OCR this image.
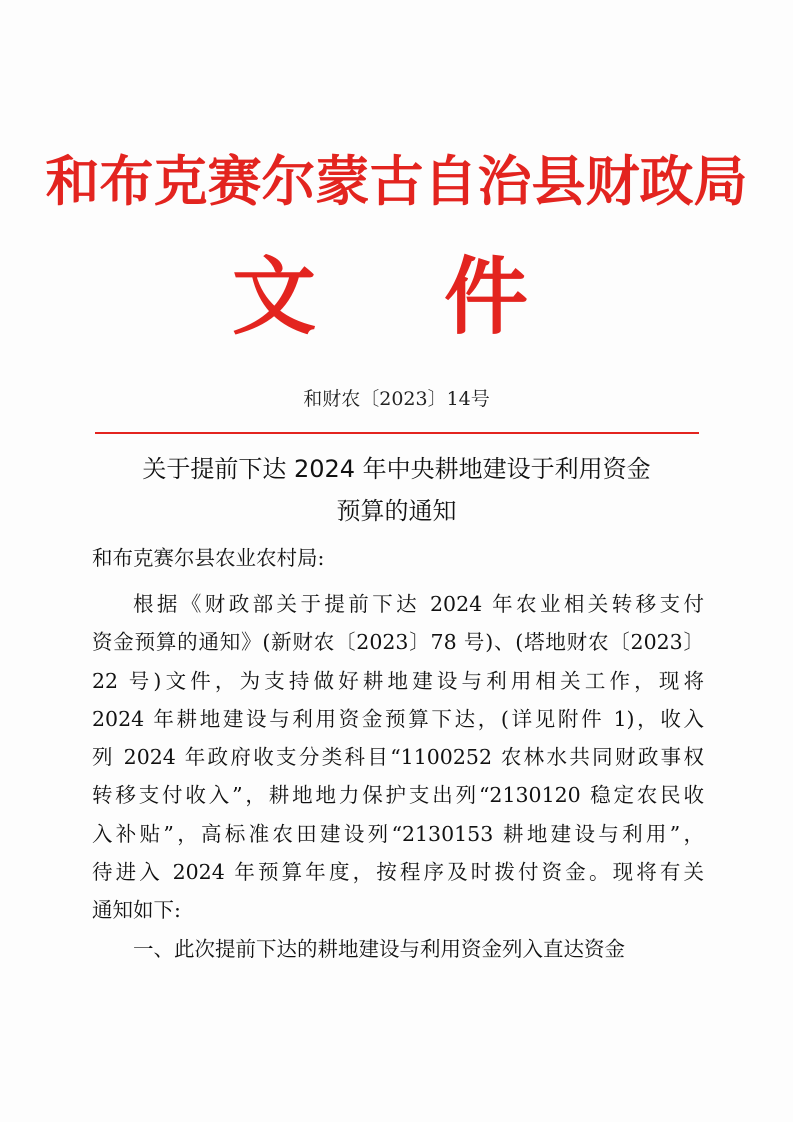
和布克赛尔蒙古自治县财政局
文 件
和财农〔2023〕14号
关于提前下达 2024 年中央耕地建设于利用资金
预算的通知
和布克赛尔县农业农村局:
根据《财政部关于提前下达 2024 年农业相关转移支付
资金预算的通知》(新财农〔2023〕78 号)、(塔地财农〔2023〕
22 号)文件，为支持做好耕地建设与利用相关工作，现将
2024 年耕地建设与利用资金预算下达，(详见附件 1)，收入
列 2024 年政府收支分类科目“1100252 农林水共同财政事权
转移支付收入”，耕地地力保护支出列“2130120 稳定农民收
入补贴”，高标准农田建设列“2130153 耕地建设与利用”，
待进入 2024 年预算年度，按程序及时拨付资金。现将有关
通知如下:
一、此次提前下达的耕地建设与利用资金列入直达资金
